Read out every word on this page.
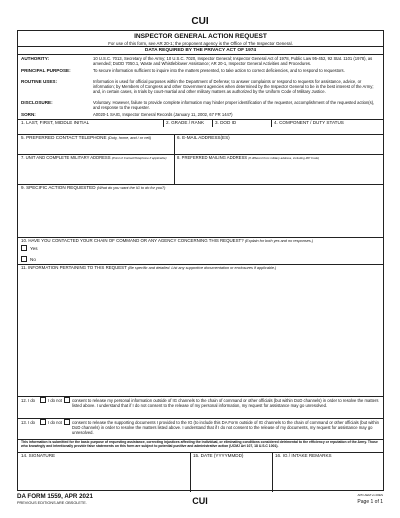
CUI
INSPECTOR GENERAL ACTION REQUEST
For use of this form, see AR 20-1; the proponent agency is the Office of The Inspector General.
DATA REQUIRED BY THE PRIVACY ACT OF 1974
AUTHORITY:	10 U.S.C. 7013, Secretary of the Army; 10 U.S.C. 7020, Inspector General; Inspector General Act of 1978, Public Law 95-452, 92 Stat. 1101 (1978), as amended; DoDD 7050.1, Waste and Whistleblower Assistance; AR 20-1, Inspector General Activities and Procedures.
PRINCIPAL PURPOSE:	To secure information sufficient to inquire into the matters presented, to take action to correct deficiencies, and to respond to requestors.
ROUTINE USES:	Information is used for official purposes within the Department of Defense; to answer complaints or respond to requests for assistance, advice, or information; by Members of Congress and other Government agencies when determined by the Inspector General to be in the best interest of the Army; and, in certain cases, in trials by court-martial and other military matters as authorized by the Uniform Code of Military Justice.
DISCLOSURE:	Voluntary. However, failure to provide complete information may hinder proper identification of the requester, accomplishment of the requested action(s), and response to the requester.
SORN:	A0020-1 SAIG, Inspector General Records (January 11, 2002, 67 FR 1447)
1. LAST, FIRST, MIDDLE INITIAL	2. GRADE / RANK 3. DOD ID	4. COMPONENT / DUTY STATUS
5. PREFERRED CONTACT TELEPHONE (Duty, home, and / or cell)	6. E-MAIL ADDRESS(ES)
7. UNIT AND COMPLETE MILITARY ADDRESS (Point of Contact/Telephone if applicable)	8. PREFERRED MAILING ADDRESS (If different from military address, including ZIP Code)
9. SPECIFIC ACTION REQUESTED (What do you want the IG to do for you?)
10. HAVE YOU CONTACTED YOUR CHAIN OF COMMAND OR ANY AGENCY CONCERNING THIS REQUEST? (Explain for both yes and no responses.)
Yes
No
11. INFORMATION PERTAINING TO THIS REQUEST (Be specific and detailed. List any supportive documentation or enclosures if applicable.)
12. I do	I do not consent to release my personal information outside of IG channels to the chain of command or other officials (but within DoD channels) in order to resolve the matters listed above. I understand that if I do not consent to the release of my personal information, my request for assistance may go unresolved.
13. I do	I do not consent to release the supporting documents I provided to the IG (to include this DA Form outside of IG channels to the chain of command or other officials (but within DoD channels) in order to resolve the matters listed above. I understand that if I do not consent to the release of my documents, my request for assistance may go unresolved.
This information is submitted for the basic purpose of requesting assistance, correcting injustices affecting the individual, or eliminating conditions considered detrimental to the efficiency or reputation of the Army. Those who knowingly and intentionally provide false statements on this form are subject to potential punitive and administrative action (UCMJ Art 107, 18 U.S.C 1001).
14. SIGNATURE	15. DATE (YYYYMMDD)	16. IG / INTAKE REMARKS
DA FORM 1559, APR 2021
PREVIOUS EDITIONS ARE OBSOLETE.	CUI
APD AEM v1.00ES
Page 1 of 1
